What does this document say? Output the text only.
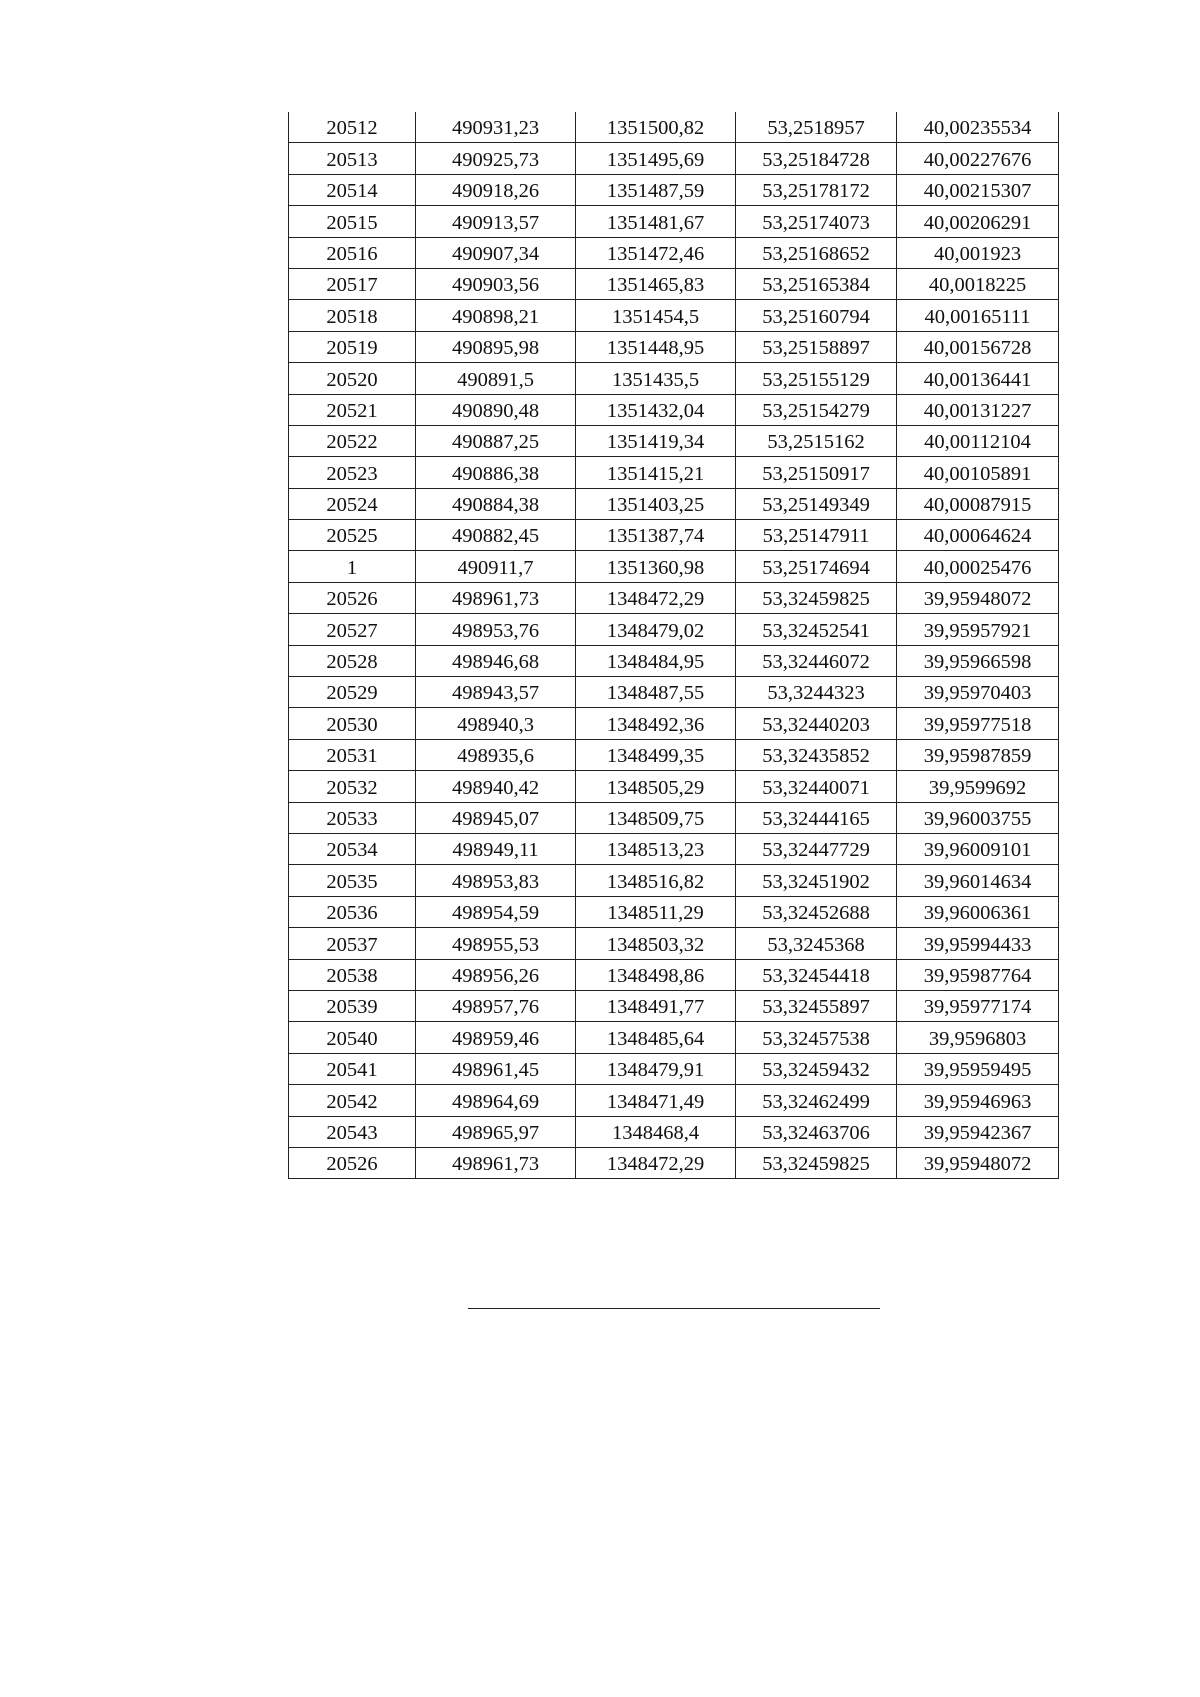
20512	490931,23	1351500,82	53,2518957	40,00235534
20513	490925,73	1351495,69	53,25184728	40,00227676
20514	490918,26	1351487,59	53,25178172	40,00215307
20515	490913,57	1351481,67	53,25174073	40,00206291
20516	490907,34	1351472,46	53,25168652	40,001923
20517	490903,56	1351465,83	53,25165384	40,0018225
20518	490898,21	1351454,5	53,25160794	40,00165111
20519	490895,98	1351448,95	53,25158897	40,00156728
20520	490891,5	1351435,5	53,25155129	40,00136441
20521	490890,48	1351432,04	53,25154279	40,00131227
20522	490887,25	1351419,34	53,2515162	40,00112104
20523	490886,38	1351415,21	53,25150917	40,00105891
20524	490884,38	1351403,25	53,25149349	40,00087915
20525	490882,45	1351387,74	53,25147911	40,00064624
1	490911,7	1351360,98	53,25174694	40,00025476
20526	498961,73	1348472,29	53,32459825	39,95948072
20527	498953,76	1348479,02	53,32452541	39,95957921
20528	498946,68	1348484,95	53,32446072	39,95966598
20529	498943,57	1348487,55	53,3244323	39,95970403
20530	498940,3	1348492,36	53,32440203	39,95977518
20531	498935,6	1348499,35	53,32435852	39,95987859
20532	498940,42	1348505,29	53,32440071	39,9599692
20533	498945,07	1348509,75	53,32444165	39,96003755
20534	498949,11	1348513,23	53,32447729	39,96009101
20535	498953,83	1348516,82	53,32451902	39,96014634
20536	498954,59	1348511,29	53,32452688	39,96006361
20537	498955,53	1348503,32	53,3245368	39,95994433
20538	498956,26	1348498,86	53,32454418	39,95987764
20539	498957,76	1348491,77	53,32455897	39,95977174
20540	498959,46	1348485,64	53,32457538	39,9596803
20541	498961,45	1348479,91	53,32459432	39,95959495
20542	498964,69	1348471,49	53,32462499	39,95946963
20543	498965,97	1348468,4	53,32463706	39,95942367
20526	498961,73	1348472,29	53,32459825	39,95948072
